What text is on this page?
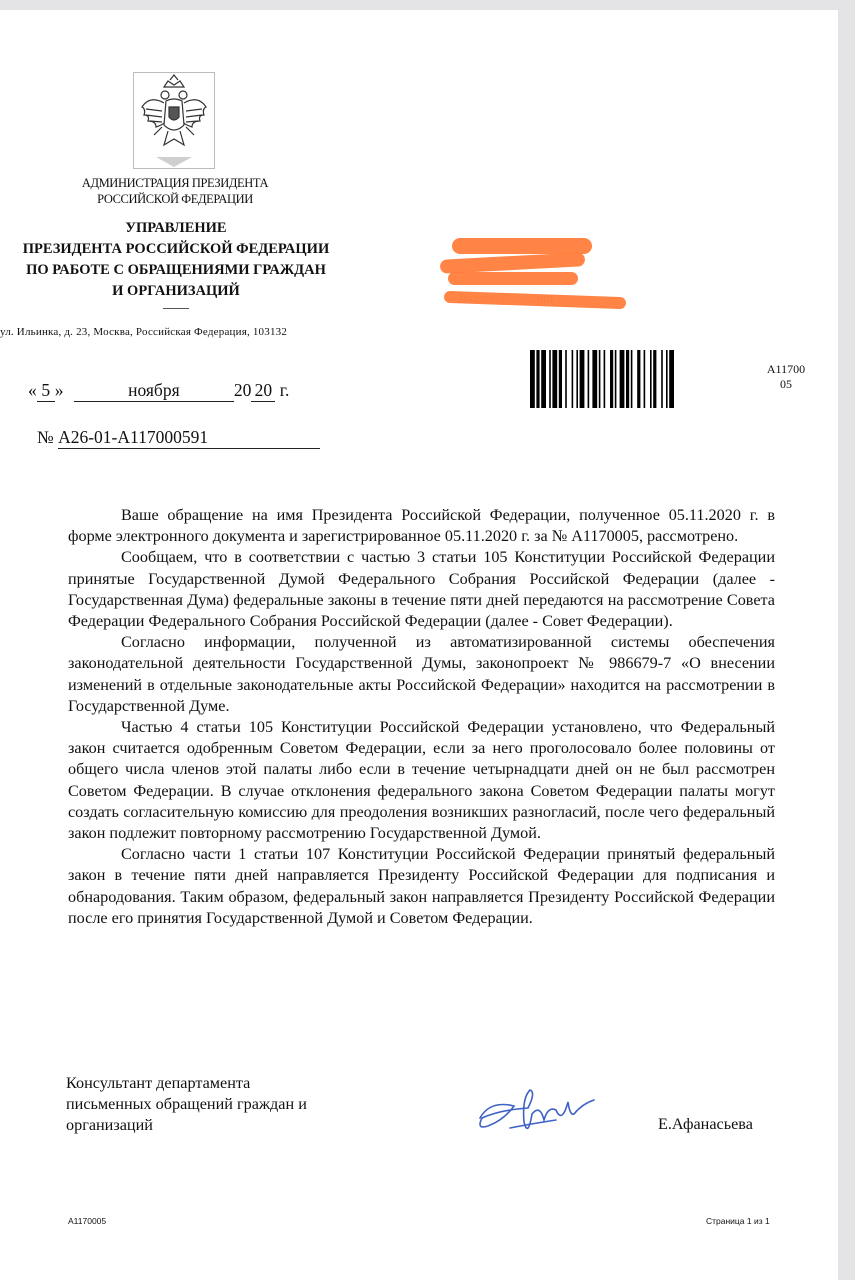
АДМИНИСТРАЦИЯ ПРЕЗИДЕНТА
РОССИЙСКОЙ ФЕДЕРАЦИИ
УПРАВЛЕНИЕ
ПРЕЗИДЕНТА РОССИЙСКОЙ ФЕДЕРАЦИИ
ПО РАБОТЕ С ОБРАЩЕНИЯМИ ГРАЖДАН
И ОРГАНИЗАЦИЙ
ул. Ильинка, д. 23, Москва, Российская Федерация, 103132
« 5 »	ноября	20 20 г.
№ А26-01-А117000591
А11700
05

Ваше обращение на имя Президента Российской Федерации, полученное 05.11.2020 г. в форме электронного документа и зарегистрированное 05.11.2020 г. за № А1170005, рассмотрено.

Сообщаем, что в соответствии с частью 3 статьи 105 Конституции Российской Федерации принятые Государственной Думой Федерального Собрания Российской Федерации (далее - Государственная Дума) федеральные законы в течение пяти дней передаются на рассмотрение Совета Федерации Федерального Собрания Российской Федерации (далее - Совет Федерации).

Согласно информации, полученной из автоматизированной системы обеспечения законодательной деятельности Государственной Думы, законопроект № 986679-7 «О внесении изменений в отдельные законодательные акты Российской Федерации» находится на рассмотрении в Государственной Думе.

Частью 4 статьи 105 Конституции Российской Федерации установлено, что Федеральный закон считается одобренным Советом Федерации, если за него проголосовало более половины от общего числа членов этой палаты либо если в течение четырнадцати дней он не был рассмотрен Советом Федерации. В случае отклонения федерального закона Советом Федерации палаты могут создать согласительную комиссию для преодоления возникших разногласий, после чего федеральный закон подлежит повторному рассмотрению Государственной Думой.

Согласно части 1 статьи 107 Конституции Российской Федерации принятый федеральный закон в течение пяти дней направляется Президенту Российской Федерации для подписания и обнародования. Таким образом, федеральный закон направляется Президенту Российской Федерации после его принятия Государственной Думой и Советом Федерации.

Консультант департамента
письменных обращений граждан и
организаций	Е.Афанасьева
А1170005	Страница 1 из 1
